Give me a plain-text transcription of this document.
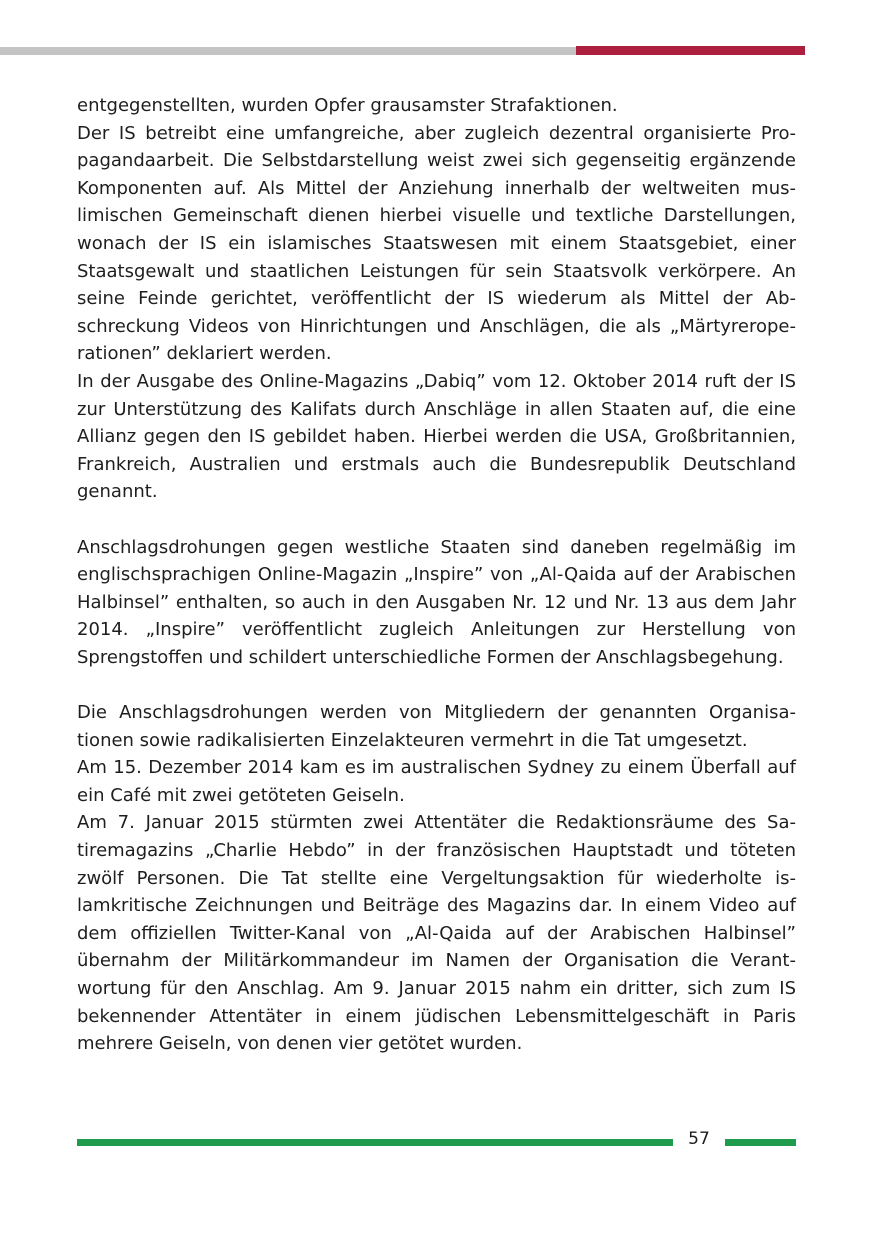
entgegenstellten, wurden Opfer grausamster Strafaktionen.

Der IS betreibt eine umfangreiche, aber zugleich dezentral organisierte Propagandaarbeit. Die Selbstdarstellung weist zwei sich gegenseitig ergänzende Komponenten auf. Als Mittel der Anziehung innerhalb der weltweiten muslimischen Gemeinschaft dienen hierbei visuelle und textliche Darstellungen, wonach der IS ein islamisches Staatswesen mit einem Staatsgebiet, einer Staatsgewalt und staatlichen Leistungen für sein Staatsvolk verkörpere. An seine Feinde gerichtet, veröffentlicht der IS wiederum als Mittel der Abschreckung Videos von Hinrichtungen und Anschlägen, die als „Märtyreroperationen” deklariert werden.

In der Ausgabe des Online-Magazins „Dabiq” vom 12. Oktober 2014 ruft der IS zur Unterstützung des Kalifats durch Anschläge in allen Staaten auf, die eine Allianz gegen den IS gebildet haben. Hierbei werden die USA, Großbritannien, Frankreich, Australien und erstmals auch die Bundesrepublik Deutschland genannt.

Anschlagsdrohungen gegen westliche Staaten sind daneben regelmäßig im englischsprachigen Online-Magazin „Inspire” von „Al-Qaida auf der Arabischen Halbinsel” enthalten, so auch in den Ausgaben Nr. 12 und Nr. 13 aus dem Jahr 2014. „Inspire” veröffentlicht zugleich Anleitungen zur Herstellung von Sprengstoffen und schildert unterschiedliche Formen der Anschlagsbegehung.

Die Anschlagsdrohungen werden von Mitgliedern der genannten Organisationen sowie radikalisierten Einzelakteuren vermehrt in die Tat umgesetzt.

Am 15. Dezember 2014 kam es im australischen Sydney zu einem Überfall auf ein Café mit zwei getöteten Geiseln.

Am 7. Januar 2015 stürmten zwei Attentäter die Redaktionsräume des Satiremagazins „Charlie Hebdo” in der französischen Hauptstadt und töteten zwölf Personen. Die Tat stellte eine Vergeltungsaktion für wiederholte islamkritische Zeichnungen und Beiträge des Magazins dar. In einem Video auf dem offiziellen Twitter-Kanal von „Al-Qaida auf der Arabischen Halbinsel” übernahm der Militärkommandeur im Namen der Organisation die Verantwortung für den Anschlag. Am 9. Januar 2015 nahm ein dritter, sich zum IS bekennender Attentäter in einem jüdischen Lebensmittelgeschäft in Paris mehrere Geiseln, von denen vier getötet wurden.

57
